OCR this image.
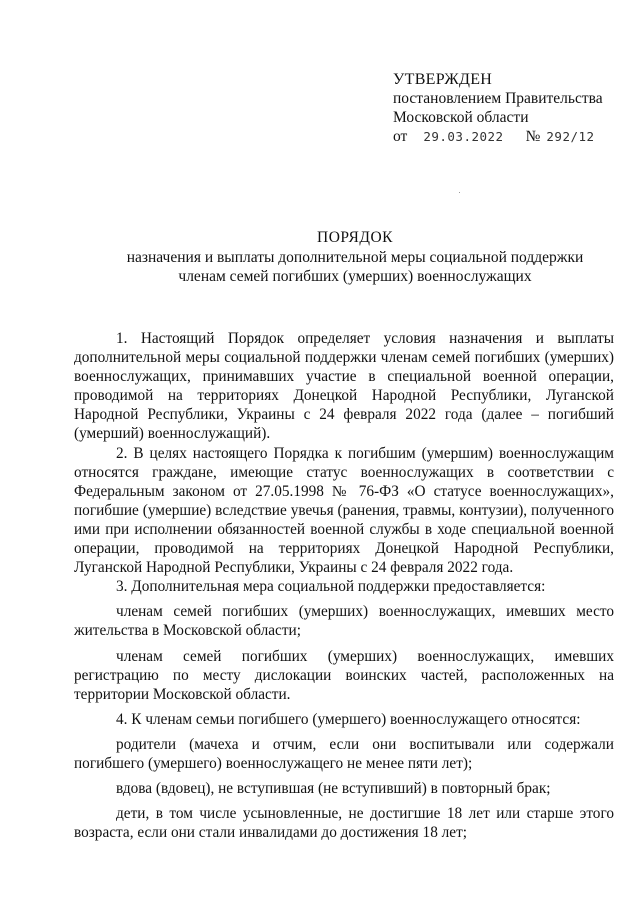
УТВЕРЖДЕН
постановлением Правительства
Московской области
от 29.03.2022 № 292/12
ПОРЯДОК
назначения и выплаты дополнительной меры социальной поддержки
членам семей погибших (умерших) военнослужащих

1. Настоящий Порядок определяет условия назначения и выплаты дополнительной меры социальной поддержки членам семей погибших (умерших) военнослужащих, принимавших участие в специальной военной операции, проводимой на территориях Донецкой Народной Республики, Луганской Народной Республики, Украины с 24 февраля 2022 года (далее – погибший (умерший) военнослужащий).

2. В целях настоящего Порядка к погибшим (умершим) военнослужащим относятся граждане, имеющие статус военнослужащих в соответствии с Федеральным законом от 27.05.1998 № 76-ФЗ «О статусе военнослужащих», погибшие (умершие) вследствие увечья (ранения, травмы, контузии), полученного ими при исполнении обязанностей военной службы в ходе специальной военной операции, проводимой на территориях Донецкой Народной Республики, Луганской Народной Республики, Украины с 24 февраля 2022 года.

3. Дополнительная мера социальной поддержки предоставляется:

членам семей погибших (умерших) военнослужащих, имевших место жительства в Московской области;

членам семей погибших (умерших) военнослужащих, имевших регистрацию по месту дислокации воинских частей, расположенных на территории Московской области.

4. К членам семьи погибшего (умершего) военнослужащего относятся:

родители (мачеха и отчим, если они воспитывали или содержали погибшего (умершего) военнослужащего не менее пяти лет);

вдова (вдовец), не вступившая (не вступивший) в повторный брак;

дети, в том числе усыновленные, не достигшие 18 лет или старше этого возраста, если они стали инвалидами до достижения 18 лет;
